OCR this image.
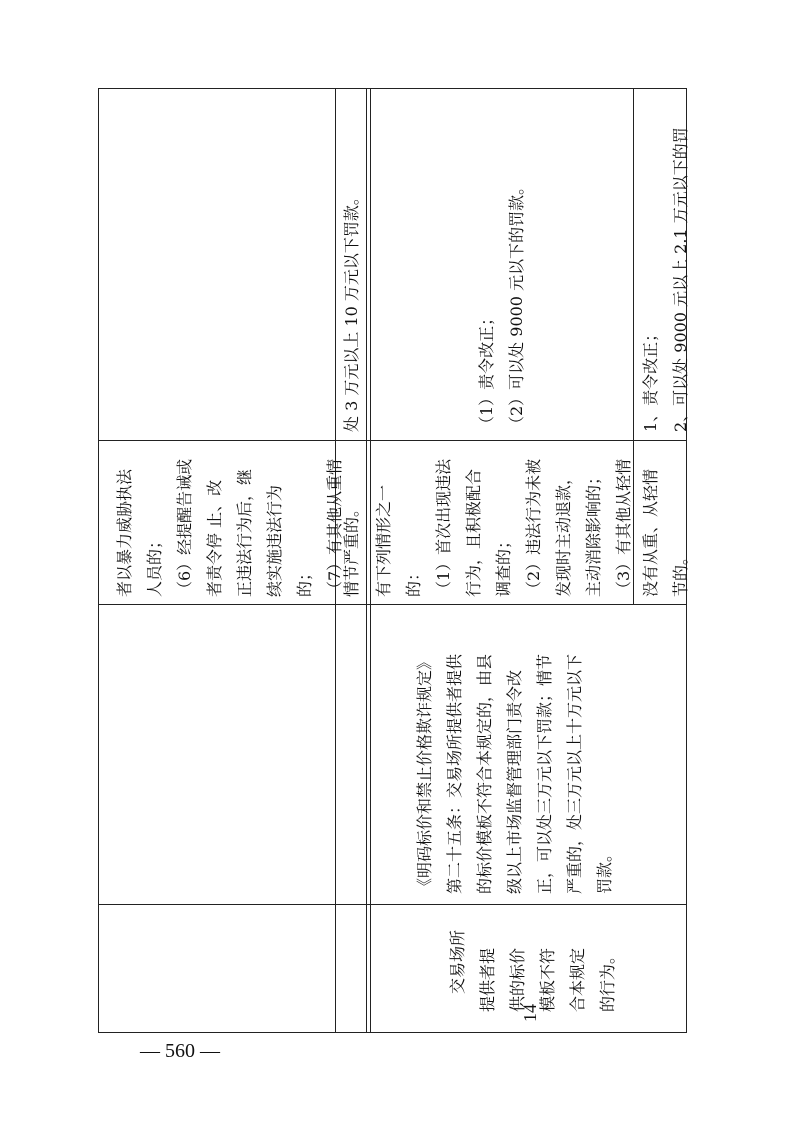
者以暴力威胁执法 人员的； （6）经提醒告诫或 者责令停 止、改 正违法行为后，继 续实施违法行为 的； （7）有其他从重情
情节严重的。
处 3 万元以上 10 万元以下罚款。
14
交易场所 提供者提 供的标价 模板不符 合本规定 的行为。
《明码标价和禁止价格欺诈规定》 第二十五条：交易场所提供者提供 的标价模板不符合本规定的，由县 级以上市场监督管理部门责令改 正，可以处三万元以下罚款；情节 严重的，处三万元以上十万元以下 罚款。
有下列情形之一 的： （1）首次出现违法 行为，且积极配合 调查的； （2）违法行为未被 发现时主动退款， 主动消除影响的； （3）有其他从轻情
（1）责令改正； （2）可以处 9000 元以下的罚款。
没有从重、从轻情 节的。
1、责令改正； 2、可以处 9000 元以上 2.1 万元以下的罚
— 560 —
